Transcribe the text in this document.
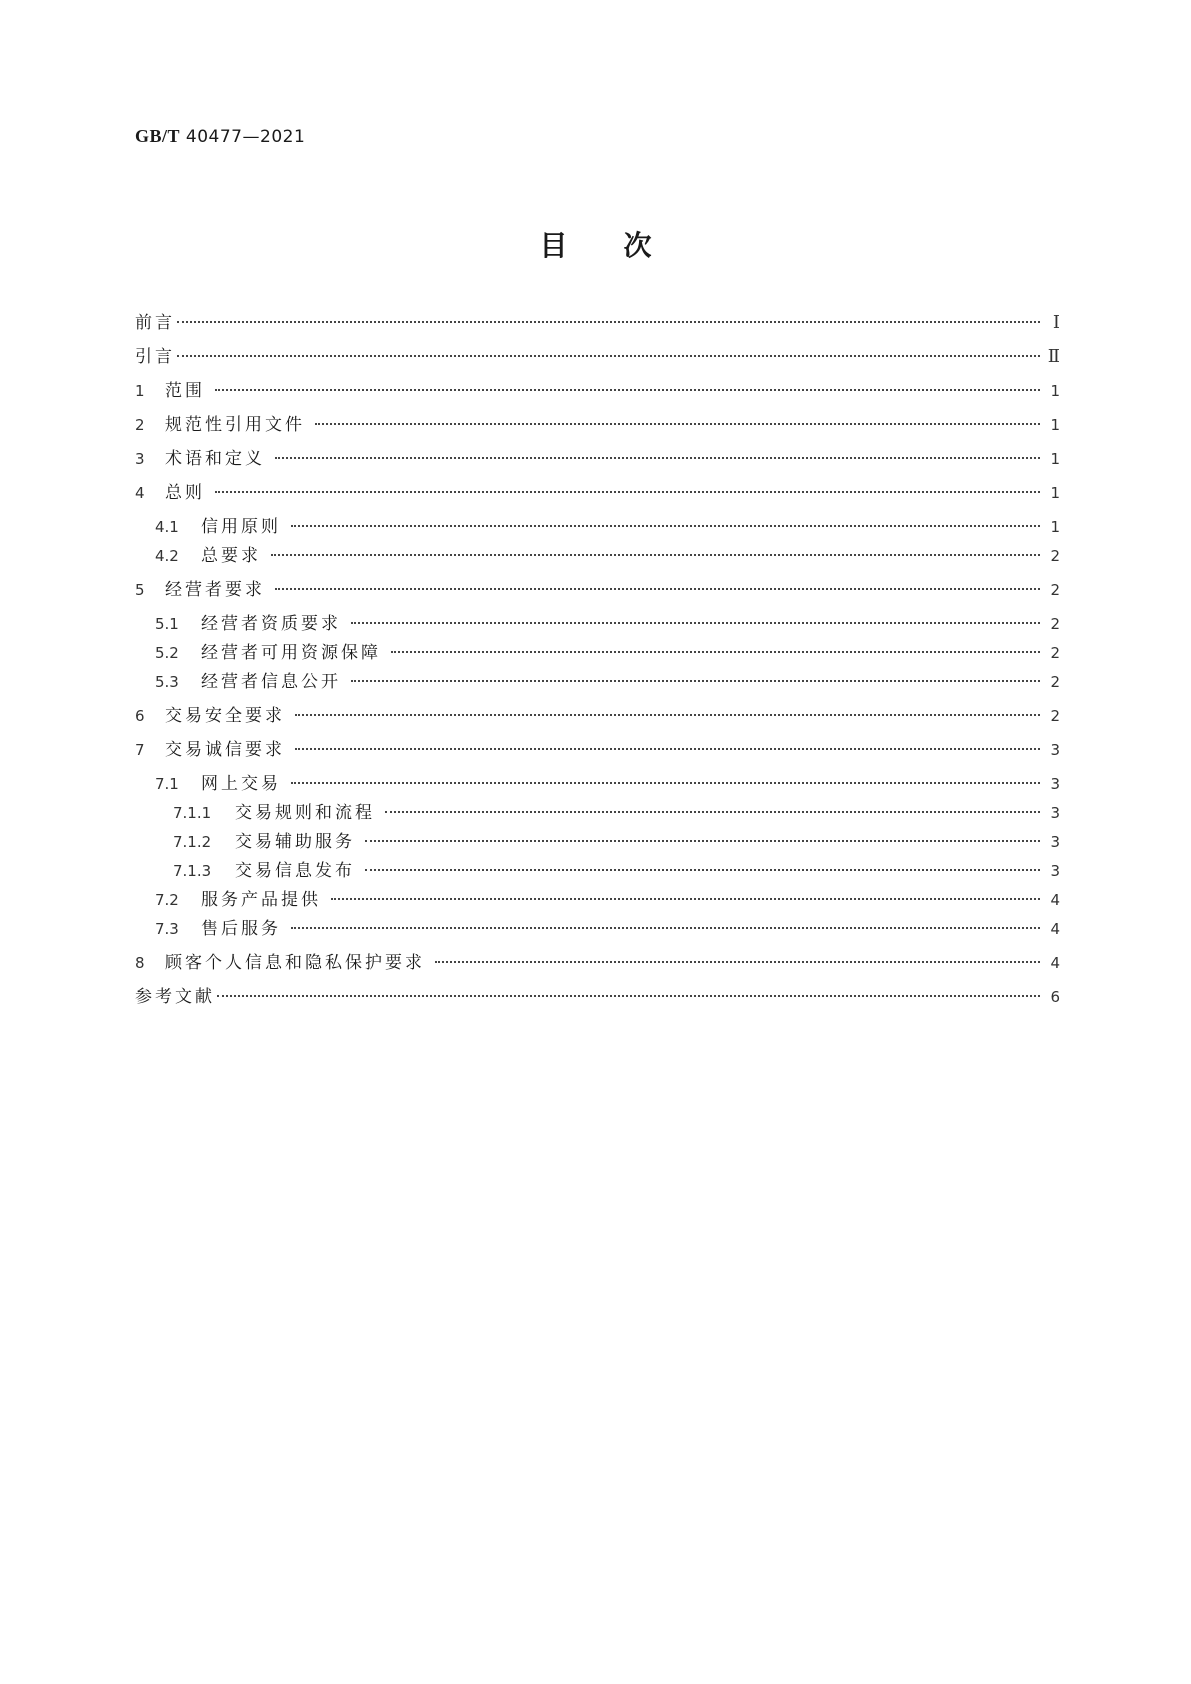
GB/T 40477—2021
目次
前言	Ⅰ
引言	Ⅱ
1	范围	1
2	规范性引用文件	1
3	术语和定义	1
4	总则	1
4.1	信用原则	1
4.2	总要求	2
5	经营者要求	2
5.1	经营者资质要求	2
5.2	经营者可用资源保障	2
5.3	经营者信息公开	2
6	交易安全要求	2
7	交易诚信要求	3
7.1	网上交易	3
7.1.1	交易规则和流程	3
7.1.2	交易辅助服务	3
7.1.3	交易信息发布	3
7.2	服务产品提供	4
7.3	售后服务	4
8	顾客个人信息和隐私保护要求	4
参考文献	6
